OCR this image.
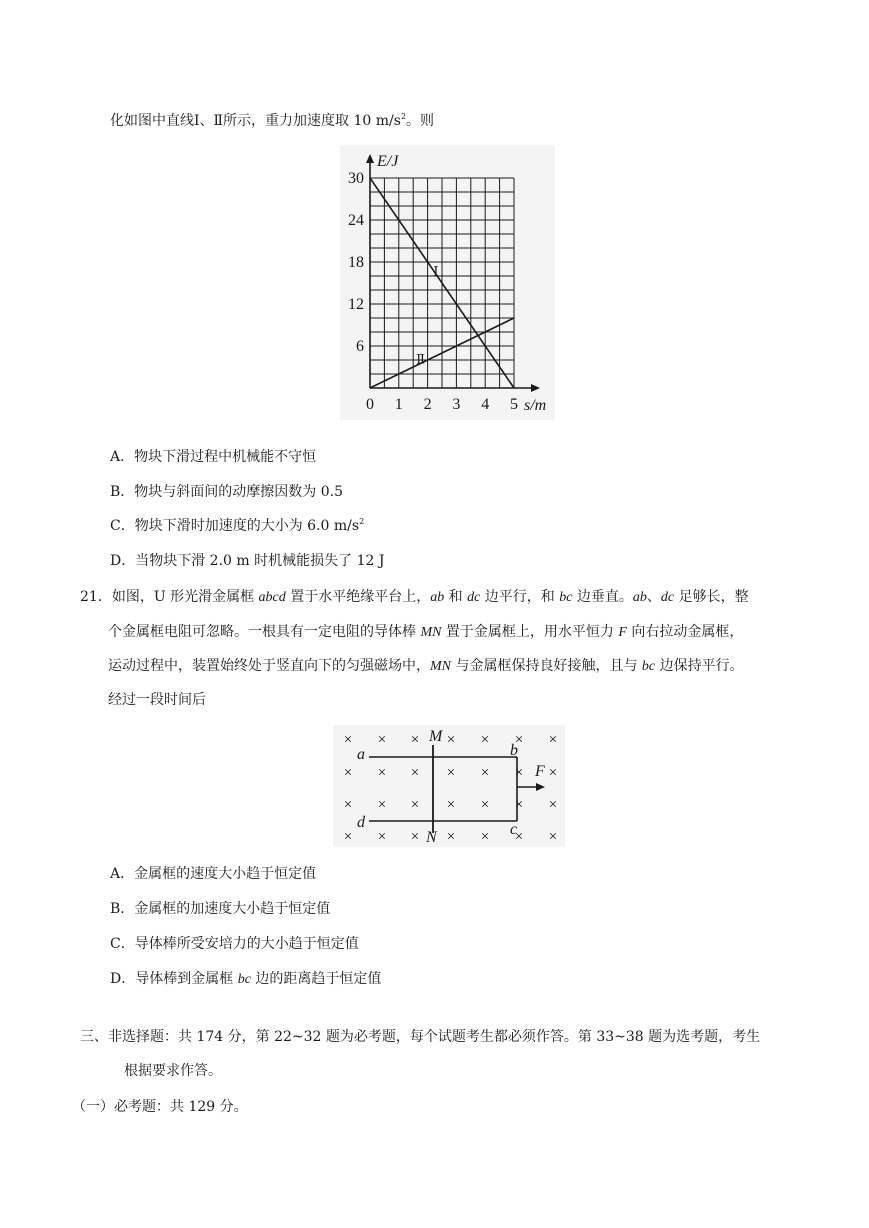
化如图中直线Ⅰ、Ⅱ所示，重力加速度取 10 $m/s^2$。则
30
24
18
12
6
0 1 2 3 4 5
E/J
s/m
Ⅰ
Ⅱ
A．物块下滑过程中机械能不守恒
B．物块与斜面间的动摩擦因数为 0.5
C．物块下滑时加速度的大小为 6.0 $m/s^2$
D．当物块下滑 2.0 m 时机械能损失了 12 J
21．如图，U 形光滑金属框 abcd 置于水平绝缘平台上，ab 和 dc 边平行，和 bc 边垂直。ab、dc 足够长，整
个金属框电阻可忽略。一根具有一定电阻的导体棒 MN 置于金属框上，用水平恒力 F 向右拉动金属框，
运动过程中，装置始终处于竖直向下的匀强磁场中，MN 与金属框保持良好接触，且与 bc 边保持平行。
经过一段时间后
a	b
c
d
M
N
F
× × × × × × ×
× × × × × × ×
× × × × × × ×
× × × × × × ×
A．金属框的速度大小趋于恒定值
B．金属框的加速度大小趋于恒定值
C．导体棒所受安培力的大小趋于恒定值
D．导体棒到金属框 bc 边的距离趋于恒定值
三、非选择题：共 174 分，第 22~32 题为必考题，每个试题考生都必须作答。第 33~38 题为选考题，考生
根据要求作答。
（一）必考题：共 129 分。
